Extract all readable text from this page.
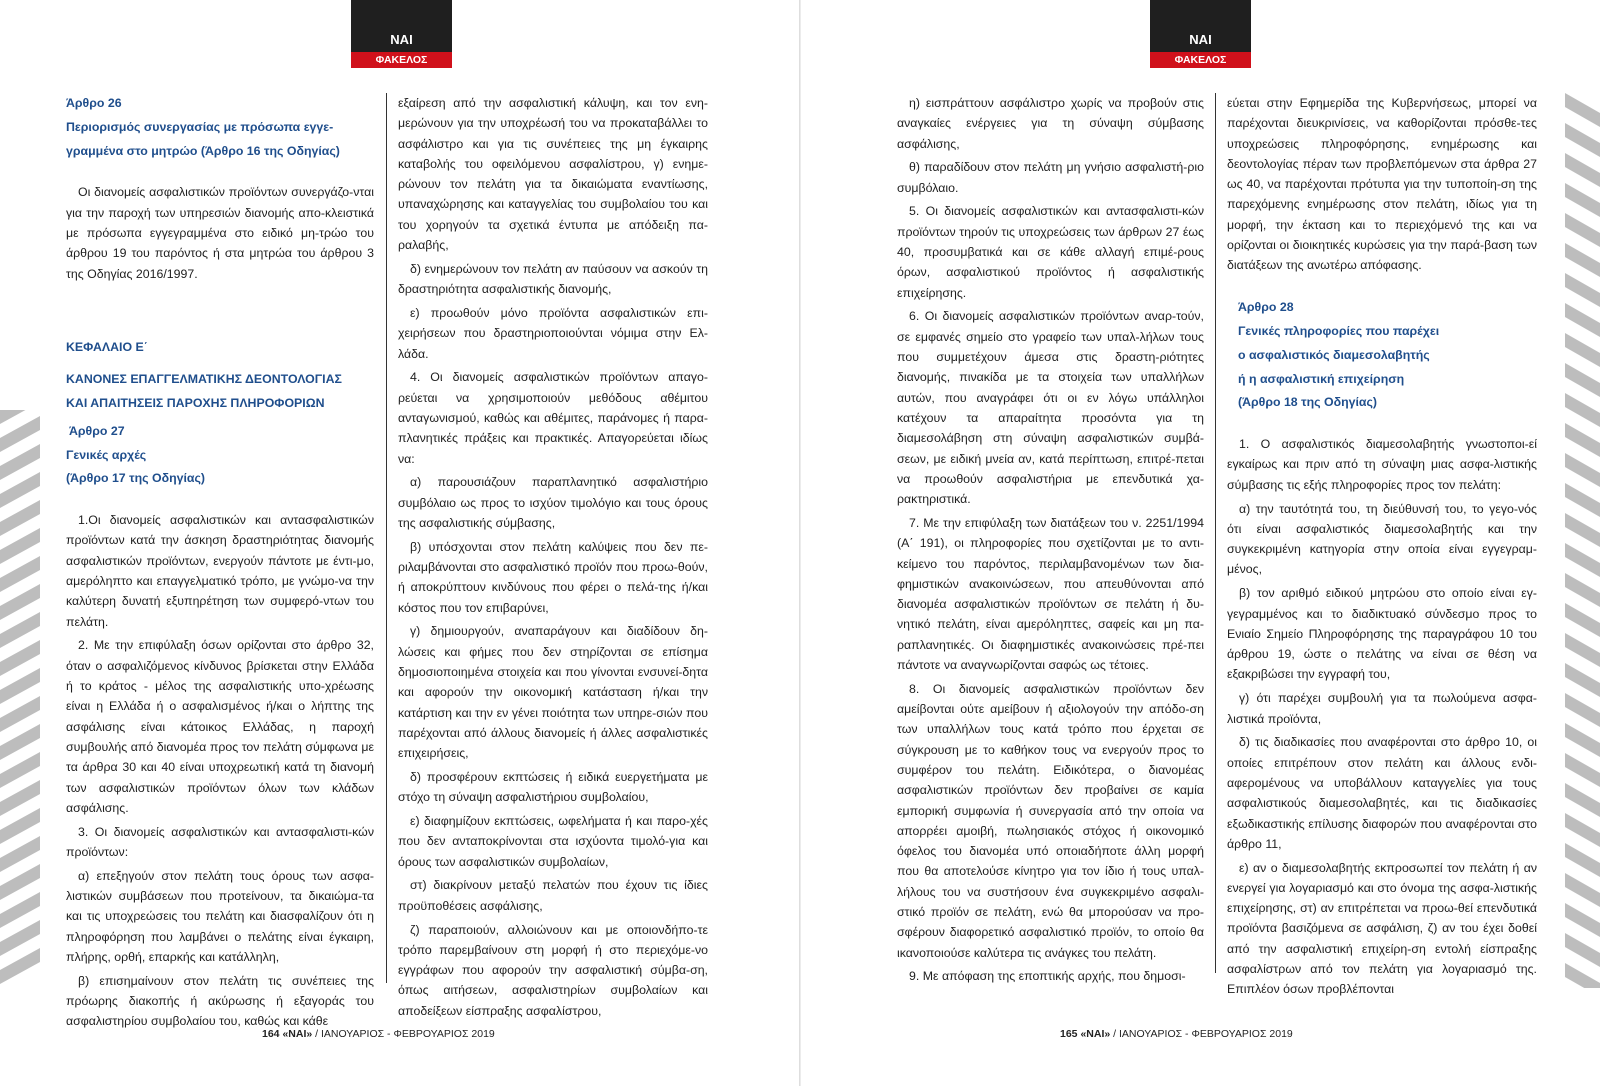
ΝΑΙ
ΦΑΚΕΛΟΣ
ΝΑΙ
ΦΑΚΕΛΟΣ

Άρθρο 26

Περιορισμός συνεργασίας με πρόσωπα εγγε-

γραμμένα στο μητρώο (Άρθρο 16 της Οδηγίας)

Οι διανομείς ασφαλιστικών προϊόντων συνεργάζο-νται για την παροχή των υπηρεσιών διανομής απο-κλειστικά με πρόσωπα εγγεγραμμένα στο ειδικό μη-τρώο του άρθρου 19 του παρόντος ή στα μητρώα του άρθρου 3 της Οδηγίας 2016/1997.

ΚΕΦΑΛΑΙΟ Ε΄

ΚΑΝΟΝΕΣ ΕΠΑΓΓΕΛΜΑΤΙΚΗΣ ΔΕΟΝΤΟΛΟΓΙΑΣ

ΚΑΙ ΑΠΑΙΤΗΣΕΙΣ ΠΑΡΟΧΗΣ ΠΛΗΡΟΦΟΡΙΩΝ

Άρθρο 27

Γενικές αρχές

(Άρθρο 17 της Οδηγίας)

1.Οι διανομείς ασφαλιστικών και αντασφαλιστικών προϊόντων κατά την άσκηση δραστηριότητας διανομής ασφαλιστικών προϊόντων, ενεργούν πάντοτε με έντι-μο, αμερόληπτο και επαγγελματικό τρόπο, με γνώμο-να την καλύτερη δυνατή εξυπηρέτηση των συμφερό-ντων του πελάτη.

2. Με την επιφύλαξη όσων ορίζονται στο άρθρο 32, όταν ο ασφαλιζόμενος κίνδυνος βρίσκεται στην Ελλάδα ή το κράτος - μέλος της ασφαλιστικής υπο-χρέωσης είναι η Ελλάδα ή ο ασφαλισμένος ή/και ο λήπτης της ασφάλισης είναι κάτοικος Ελλάδας, η παροχή συμβουλής από διανομέα προς τον πελάτη σύμφωνα με τα άρθρα 30 και 40 είναι υποχρεωτική κατά τη διανομή των ασφαλιστικών προϊόντων όλων των κλάδων ασφάλισης.

3. Οι διανομείς ασφαλιστικών και αντασφαλιστι-κών προϊόντων:

α) επεξηγούν στον πελάτη τους όρους των ασφα-λιστικών συμβάσεων που προτείνουν, τα δικαιώμα-τα και τις υποχρεώσεις του πελάτη και διασφαλίζουν ότι η πληροφόρηση που λαμβάνει ο πελάτης είναι έγκαιρη, πλήρης, ορθή, επαρκής και κατάλληλη,

β) επισημαίνουν στον πελάτη τις συνέπειες της πρόωρης διακοπής ή ακύρωσης ή εξαγοράς του ασφαλιστηρίου συμβολαίου του, καθώς και κάθε

εξαίρεση από την ασφαλιστική κάλυψη, και τον ενη-μερώνουν για την υποχρέωσή του να προκαταβάλλει το ασφάλιστρο και για τις συνέπειες της μη έγκαιρης καταβολής του οφειλόμενου ασφαλίστρου, γ) ενημε-ρώνουν τον πελάτη για τα δικαιώματα εναντίωσης, υπαναχώρησης και καταγγελίας του συμβολαίου του και του χορηγούν τα σχετικά έντυπα με απόδειξη πα-ραλαβής,

δ) ενημερώνουν τον πελάτη αν παύσουν να ασκούν τη δραστηριότητα ασφαλιστικής διανομής,

ε) προωθούν μόνο προϊόντα ασφαλιστικών επι-χειρήσεων που δραστηριοποιούνται νόμιμα στην Ελ-λάδα.

4. Οι διανομείς ασφαλιστικών προϊόντων απαγο-ρεύεται να χρησιμοποιούν μεθόδους αθέμιτου ανταγωνισμού, καθώς και αθέμιτες, παράνομες ή παρα-πλανητικές πράξεις και πρακτικές. Απαγορεύεται ιδίως να:

α) παρουσιάζουν παραπλανητικό ασφαλιστήριο συμβόλαιο ως προς το ισχύον τιμολόγιο και τους όρους της ασφαλιστικής σύμβασης,

β) υπόσχονται στον πελάτη καλύψεις που δεν πε-ριλαμβάνονται στο ασφαλιστικό προϊόν που προω-θούν, ή αποκρύπτουν κινδύνους που φέρει ο πελά-της ή/και κόστος που τον επιβαρύνει,

γ) δημιουργούν, αναπαράγουν και διαδίδουν δη-λώσεις και φήμες που δεν στηρίζονται σε επίσημα δημοσιοποιημένα στοιχεία και που γίνονται ενσυνεί-δητα και αφορούν την οικονομική κατάσταση ή/και την κατάρτιση και την εν γένει ποιότητα των υπηρε-σιών που παρέχονται από άλλους διανομείς ή άλλες ασφαλιστικές επιχειρήσεις,

δ) προσφέρουν εκπτώσεις ή ειδικά ευεργετήματα με στόχο τη σύναψη ασφαλιστήριου συμβολαίου,

ε) διαφημίζουν εκπτώσεις, ωφελήματα ή και παρο-χές που δεν ανταποκρίνονται στα ισχύοντα τιμολό-για και όρους των ασφαλιστικών συμβολαίων,

στ) διακρίνουν μεταξύ πελατών που έχουν τις ίδιες προϋποθέσεις ασφάλισης,

ζ) παραποιούν, αλλοιώνουν και με οποιονδήπο-τε τρόπο παρεμβαίνουν στη μορφή ή στο περιεχόμε-νο εγγράφων που αφορούν την ασφαλιστική σύμβα-ση, όπως αιτήσεων, ασφαλιστηρίων συμβολαίων και αποδείξεων είσπραξης ασφαλίστρου,

η) εισπράττουν ασφάλιστρο χωρίς να προβούν στις αναγκαίες ενέργειες για τη σύναψη σύμβασης ασφάλισης,

θ) παραδίδουν στον πελάτη μη γνήσιο ασφαλιστή-ριο συμβόλαιο.

5. Οι διανομείς ασφαλιστικών και αντασφαλιστι-κών προϊόντων τηρούν τις υποχρεώσεις των άρθρων 27 έως 40, προσυμβατικά και σε κάθε αλλαγή επιμέ-ρους όρων, ασφαλιστικού προϊόντος ή ασφαλιστικής επιχείρησης.

6. Οι διανομείς ασφαλιστικών προϊόντων αναρ-τούν, σε εμφανές σημείο στο γραφείο των υπαλ-λήλων τους που συμμετέχουν άμεσα στις δραστη-ριότητες διανομής, πινακίδα με τα στοιχεία των υπαλλήλων αυτών, που αναγράφει ότι οι εν λόγω υπάλληλοι κατέχουν τα απαραίτητα προσόντα για τη διαμεσολάβηση στη σύναψη ασφαλιστικών συμβά-σεων, με ειδική μνεία αν, κατά περίπτωση, επιτρέ-πεται να προωθούν ασφαλιστήρια με επενδυτικά χα-ρακτηριστικά.

7. Με την επιφύλαξη των διατάξεων του ν. 2251/1994 (Α΄ 191), οι πληροφορίες που σχετίζονται με το αντι-κείμενο του παρόντος, περιλαμβανομένων των δια-φημιστικών ανακοινώσεων, που απευθύνονται από διανομέα ασφαλιστικών προϊόντων σε πελάτη ή δυ-νητικό πελάτη, είναι αμερόληπτες, σαφείς και μη πα-ραπλανητικές. Οι διαφημιστικές ανακοινώσεις πρέ-πει πάντοτε να αναγνωρίζονται σαφώς ως τέτοιες.

8. Οι διανομείς ασφαλιστικών προϊόντων δεν αμείβονται ούτε αμείβουν ή αξιολογούν την απόδο-ση των υπαλλήλων τους κατά τρόπο που έρχεται σε σύγκρουση με το καθήκον τους να ενεργούν προς το συμφέρον του πελάτη. Ειδικότερα, ο διανομέας ασφαλιστικών προϊόντων δεν προβαίνει σε καμία εμπορική συμφωνία ή συνεργασία από την οποία να απορρέει αμοιβή, πωλησιακός στόχος ή οικονομικό όφελος του διανομέα υπό οποιαδήποτε άλλη μορφή που θα αποτελούσε κίνητρο για τον ίδιο ή τους υπαλ-λήλους του να συστήσουν ένα συγκεκριμένο ασφαλι-στικό προϊόν σε πελάτη, ενώ θα μπορούσαν να προ-σφέρουν διαφορετικό ασφαλιστικό προϊόν, το οποίο θα ικανοποιούσε καλύτερα τις ανάγκες του πελάτη.

9. Με απόφαση της εποπτικής αρχής, που δημοσι-

εύεται στην Εφημερίδα της Κυβερνήσεως, μπορεί να παρέχονται διευκρινίσεις, να καθορίζονται πρόσθε-τες υποχρεώσεις πληροφόρησης, ενημέρωσης και δεοντολογίας πέραν των προβλεπόμενων στα άρθρα 27 ως 40, να παρέχονται πρότυπα για την τυποποίη-ση της παρεχόμενης ενημέρωσης στον πελάτη, ιδίως για τη μορφή, την έκταση και το περιεχόμενό της και να ορίζονται οι διοικητικές κυρώσεις για την παρά-βαση των διατάξεων της ανωτέρω απόφασης.

Άρθρο 28

Γενικές πληροφορίες που παρέχει

ο ασφαλιστικός διαμεσολαβητής

ή η ασφαλιστική επιχείρηση

(Άρθρο 18 της Οδηγίας)

1. Ο ασφαλιστικός διαμεσολαβητής γνωστοποι-εί εγκαίρως και πριν από τη σύναψη μιας ασφα-λιστικής σύμβασης τις εξής πληροφορίες προς τον πελάτη:

α) την ταυτότητά του, τη διεύθυνσή του, το γεγο-νός ότι είναι ασφαλιστικός διαμεσολαβητής και την συγκεκριμένη κατηγορία στην οποία είναι εγγεγραμ-μένος,

β) τον αριθμό ειδικού μητρώου στο οποίο είναι εγ-γεγραμμένος και το διαδικτυακό σύνδεσμο προς το Ενιαίο Σημείο Πληροφόρησης της παραγράφου 10 του άρθρου 19, ώστε ο πελάτης να είναι σε θέση να εξακριβώσει την εγγραφή του,

γ) ότι παρέχει συμβουλή για τα πωλούμενα ασφα-λιστικά προϊόντα,

δ) τις διαδικασίες που αναφέρονται στο άρθρο 10, οι οποίες επιτρέπουν στον πελάτη και άλλους ενδι-αφερομένους να υποβάλλουν καταγγελίες για τους ασφαλιστικούς διαμεσολαβητές, και τις διαδικασίες εξωδικαστικής επίλυσης διαφορών που αναφέρονται στο άρθρο 11,

ε) αν ο διαμεσολαβητής εκπροσωπεί τον πελάτη ή αν ενεργεί για λογαριασμό και στο όνομα της ασφα-λιστικής επιχείρησης, στ) αν επιτρέπεται να προω-θεί επενδυτικά προϊόντα βασιζόμενα σε ασφάλιση, ζ) αν του έχει δοθεί από την ασφαλιστική επιχείρη-ση εντολή είσπραξης ασφαλίστρων από τον πελάτη για λογαριασμό της. Επιπλέον όσων προβλέπονται

164 «ΝΑΙ» / ΙΑΝΟΥΑΡΙΟΣ - ΦΕΒΡΟΥΑΡΙΟΣ 2019	165 «ΝΑΙ» / ΙΑΝΟΥΑΡΙΟΣ - ΦΕΒΡΟΥΑΡΙΟΣ 2019
